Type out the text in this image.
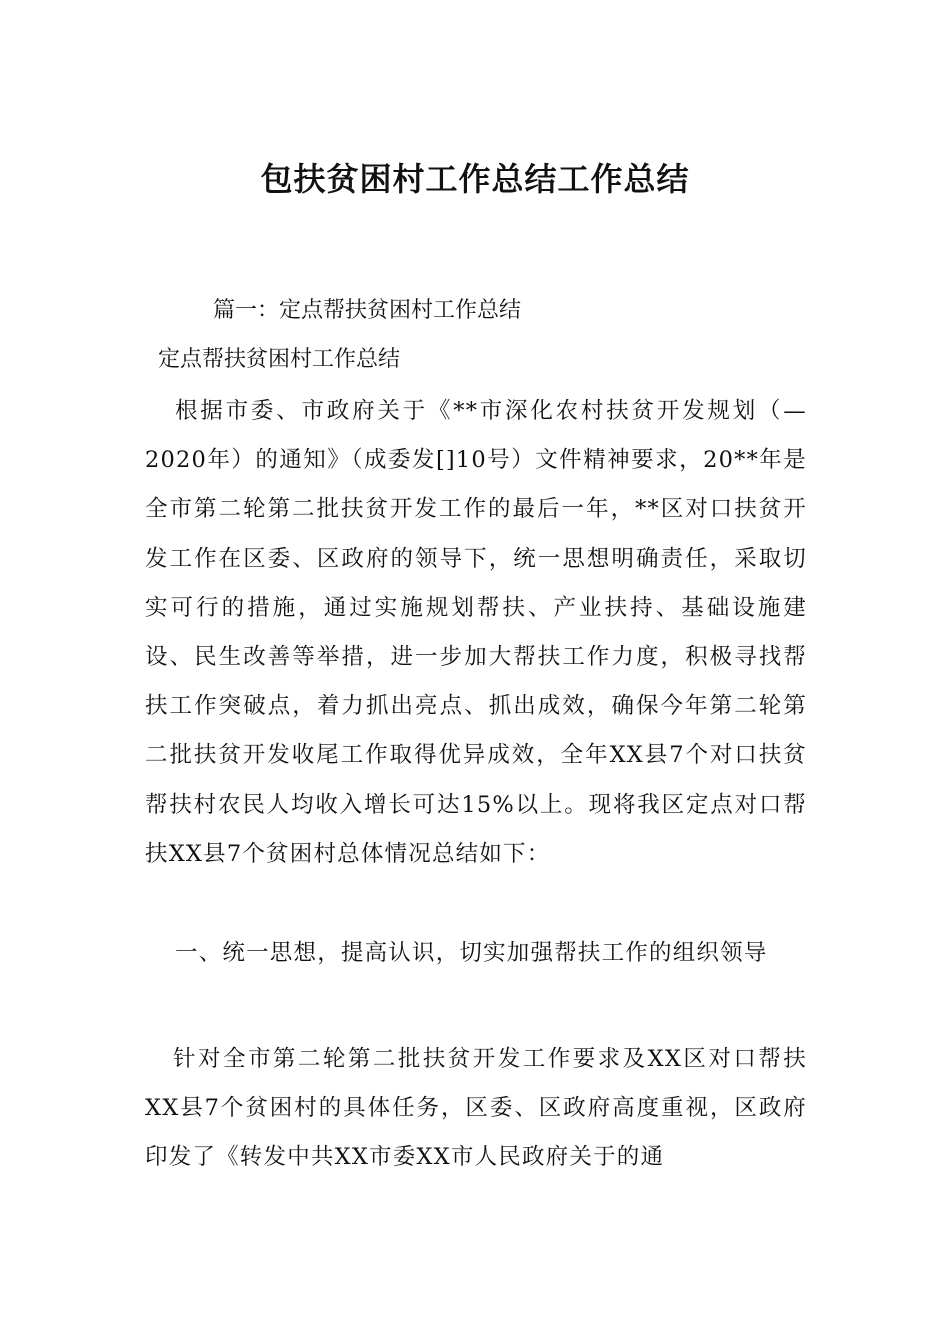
包扶贫困村工作总结工作总结

篇一：定点帮扶贫困村工作总结

定点帮扶贫困村工作总结

根据市委、市政府关于《**市深化农村扶贫开发规划（—2020年）的通知》（成委发[]10号）文件精神要求，20**年是全市第二轮第二批扶贫开发工作的最后一年，**区对口扶贫开发工作在区委、区政府的领导下，统一思想明确责任，采取切实可行的措施，通过实施规划帮扶、产业扶持、基础设施建设、民生改善等举措，进一步加大帮扶工作力度，积极寻找帮扶工作突破点，着力抓出亮点、抓出成效，确保今年第二轮第二批扶贫开发收尾工作取得优异成效，全年XX县7个对口扶贫帮扶村农民人均收入增长可达15%以上。现将我区定点对口帮扶XX县7个贫困村总体情况总结如下：

一、统一思想，提高认识，切实加强帮扶工作的组织领导

针对全市第二轮第二批扶贫开发工作要求及XX区对口帮扶XX县7个贫困村的具体任务，区委、区政府高度重视，区政府印发了《转发中共XX市委XX市人民政府关于的通
